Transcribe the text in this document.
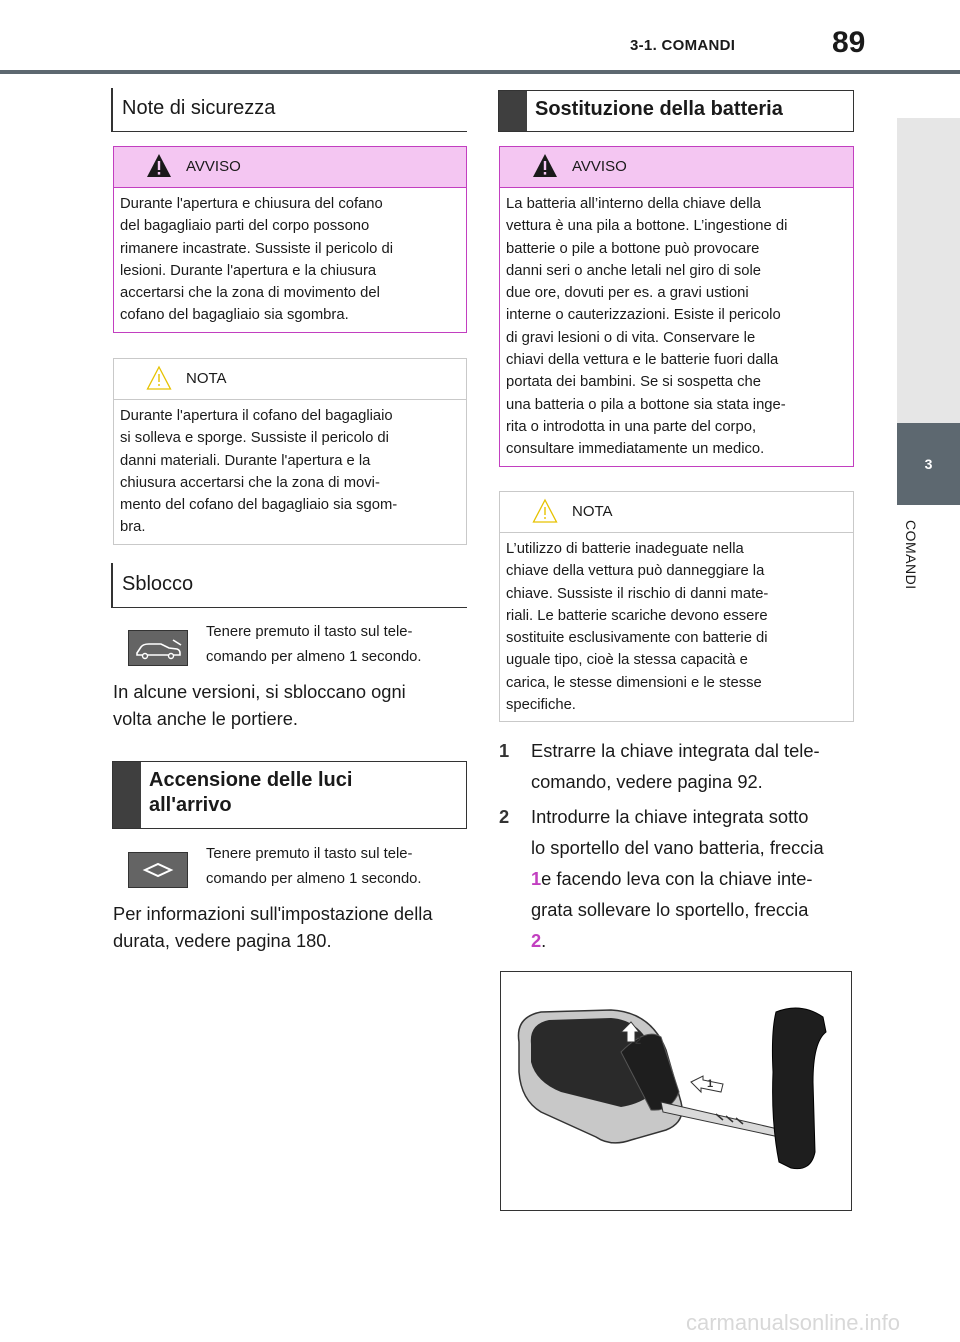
3-1. COMANDI	89
3
COMANDI
Note di sicurezza
AVVISO
Durante l'apertura e chiusura del cofano
del bagagliaio parti del corpo possono
rimanere incastrate. Sussiste il pericolo di
lesioni. Durante l'apertura e la chiusura
accertarsi che la zona di movimento del
cofano del bagagliaio sia sgombra.
NOTA
Durante l'apertura il cofano del bagagliaio
si solleva e sporge. Sussiste il pericolo di
danni materiali. Durante l'apertura e la
chiusura accertarsi che la zona di movi-
mento del cofano del bagagliaio sia sgom-
bra.
Sblocco
Tenere premuto il tasto sul tele-
comando per almeno 1 secondo.
In alcune versioni, si sbloccano ogni
volta anche le portiere.
Accensione delle luci
all'arrivo
Tenere premuto il tasto sul tele-
comando per almeno 1 secondo.
Per informazioni sull'impostazione della
durata, vedere pagina 180.
Sostituzione della batteria
AVVISO
La batteria all’interno della chiave della
vettura è una pila a bottone. L’ingestione di
batterie o pile a bottone può provocare
danni seri o anche letali nel giro di sole
due ore, dovuti per es. a gravi ustioni
interne o cauterizzazioni. Esiste il pericolo
di gravi lesioni o di vita. Conservare le
chiavi della vettura e le batterie fuori dalla
portata dei bambini. Se si sospetta che
una batteria o pila a bottone sia stata inge-
rita o introdotta in una parte del corpo,
consultare immediatamente un medico.
NOTA
L’utilizzo di batterie inadeguate nella
chiave della vettura può danneggiare la
chiave. Sussiste il rischio di danni mate-
riali. Le batterie scariche devono essere
sostituite esclusivamente con batterie di
uguale tipo, cioè la stessa capacità e
carica, le stesse dimensioni e le stesse
specifiche.
1 Estrarre la chiave integrata dal tele-
comando, vedere pagina 92.
2 Introdurre la chiave integrata sotto
lo sportello del vano batteria, freccia
1e facendo leva con la chiave inte-
grata sollevare lo sportello, freccia
2.
2
1
carmanualsonline.info
